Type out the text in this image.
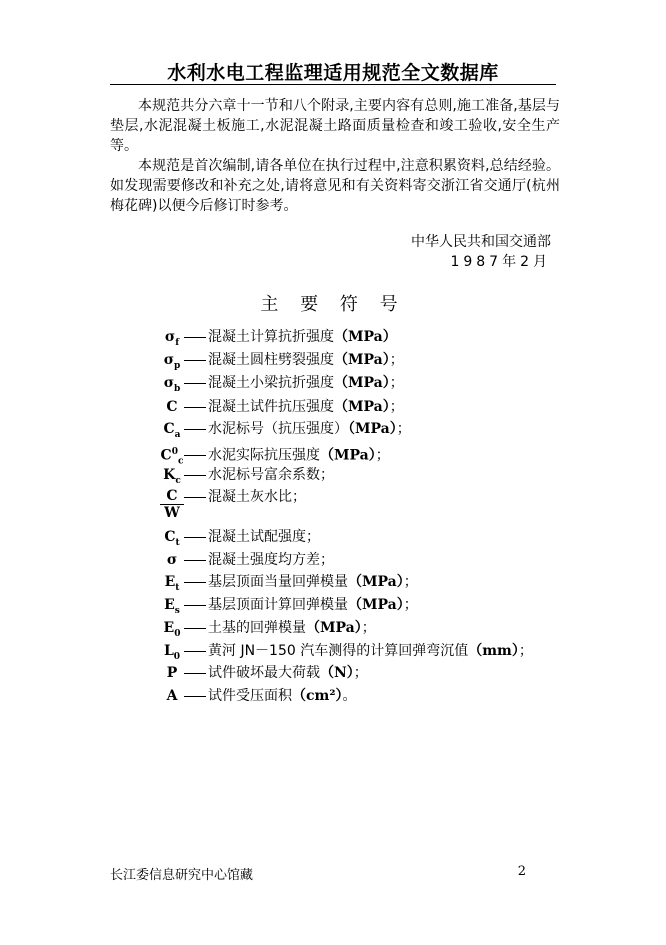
水利水电工程监理适用规范全文数据库

本规范共分六章十一节和八个附录,主要内容有总则,施工准备,基层与垫层,水泥混凝土板施工,水泥混凝土路面质量检查和竣工验收,安全生产等。

本规范是首次编制,请各单位在执行过程中,注意积累资料,总结经验。如发现需要修改和补充之处,请将意见和有关资料寄交浙江省交通厅(杭州梅花碑)以便今后修订时参考。

中华人民共和国交通部
1987年2月
主 要 符 号
$\sigma_f$ 混凝土计算抗折强度（MPa）
$\sigma_p$ 混凝土圆柱劈裂强度（MPa）；
$\sigma_b$ 混凝土小梁抗折强度（MPa）；
C 混凝土试件抗压强度（MPa）；
$C_a$ 水泥标号（抗压强度）（MPa）；
$C^0_c$ 水泥实际抗压强度（MPa）；
$K_c$ 水泥标号富余系数；
$\frac{C}{W}$	混凝土灰水比；
$C_t$ 混凝土试配强度；
σ 混凝土强度均方差；
$E_t$ 基层顶面当量回弹模量（MPa）；
$E_s$ 基层顶面计算回弹模量（MPa）；
$E_0$ 土基的回弹模量（MPa）；
$L_0$ 黄河 JN－150 汽车测得的计算回弹弯沉值（mm）；
P 试件破坏最大荷载（N）；
A 试件受压面积（cm²）。
长江委信息研究中心馆藏	2
